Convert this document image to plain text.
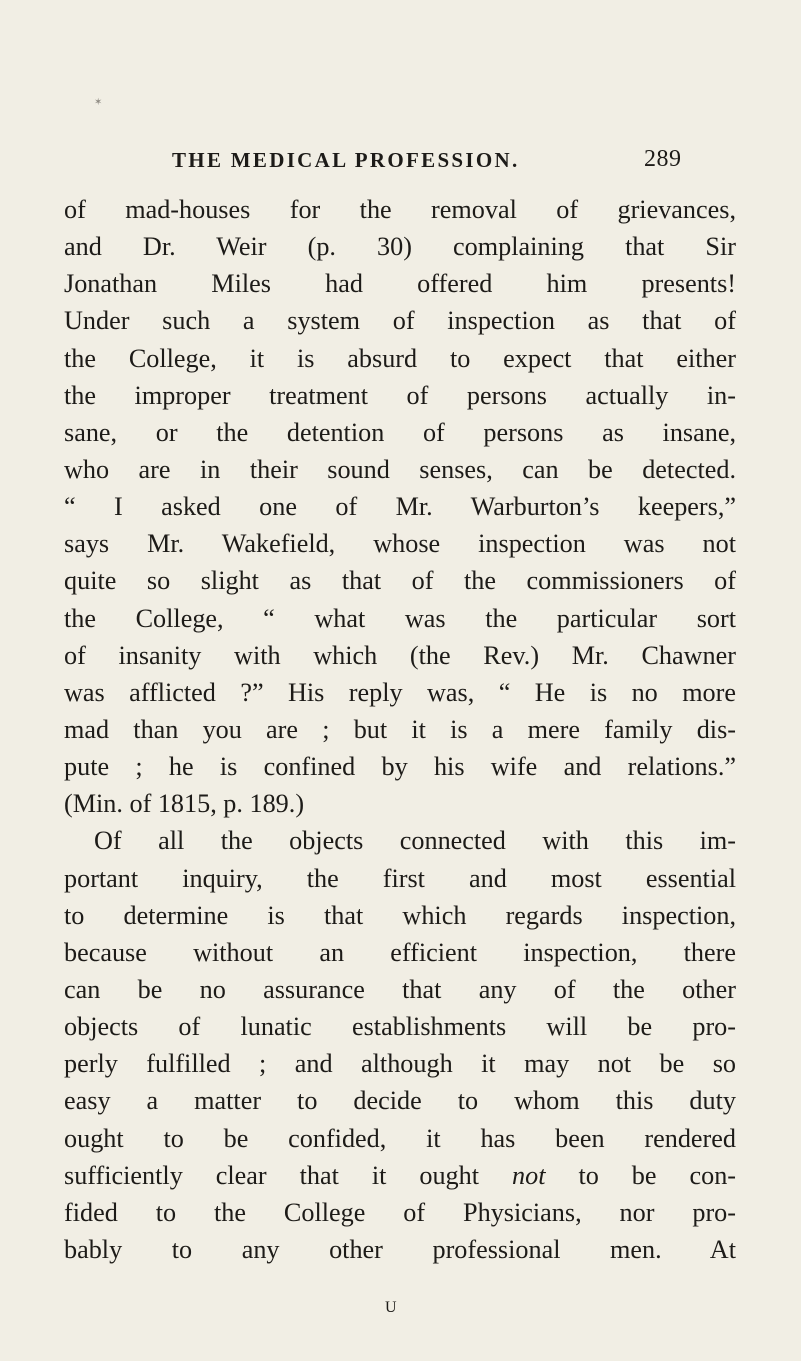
✶
THE MEDICAL PROFESSION.	289
of mad-houses for the removal of grievances,
and Dr. Weir (p. 30) complaining that Sir
Jonathan Miles had offered him presents!
Under such a system of inspection as that of
the College, it is absurd to expect that either
the improper treatment of persons actually in-
sane, or the detention of persons as insane,
who are in their sound senses, can be detected.
“ I asked one of Mr. Warburton’s keepers,”
says Mr. Wakefield, whose inspection was not
quite so slight as that of the commissioners of
the College, “ what was the particular sort
of insanity with which (the Rev.) Mr. Chawner
was afflicted ?” His reply was, “ He is no more
mad than you are ; but it is a mere family dis-
pute ; he is confined by his wife and relations.”
(Min. of 1815, p. 189.)
Of all the objects connected with this im-
portant inquiry, the first and most essential
to determine is that which regards inspection,
because without an efficient inspection, there
can be no assurance that any of the other
objects of lunatic establishments will be pro-
perly fulfilled ; and although it may not be so
easy a matter to decide to whom this duty
ought to be confided, it has been rendered
sufficiently clear that it ought not to be con-
fided to the College of Physicians, nor pro-
bably to any other professional men. At
U
